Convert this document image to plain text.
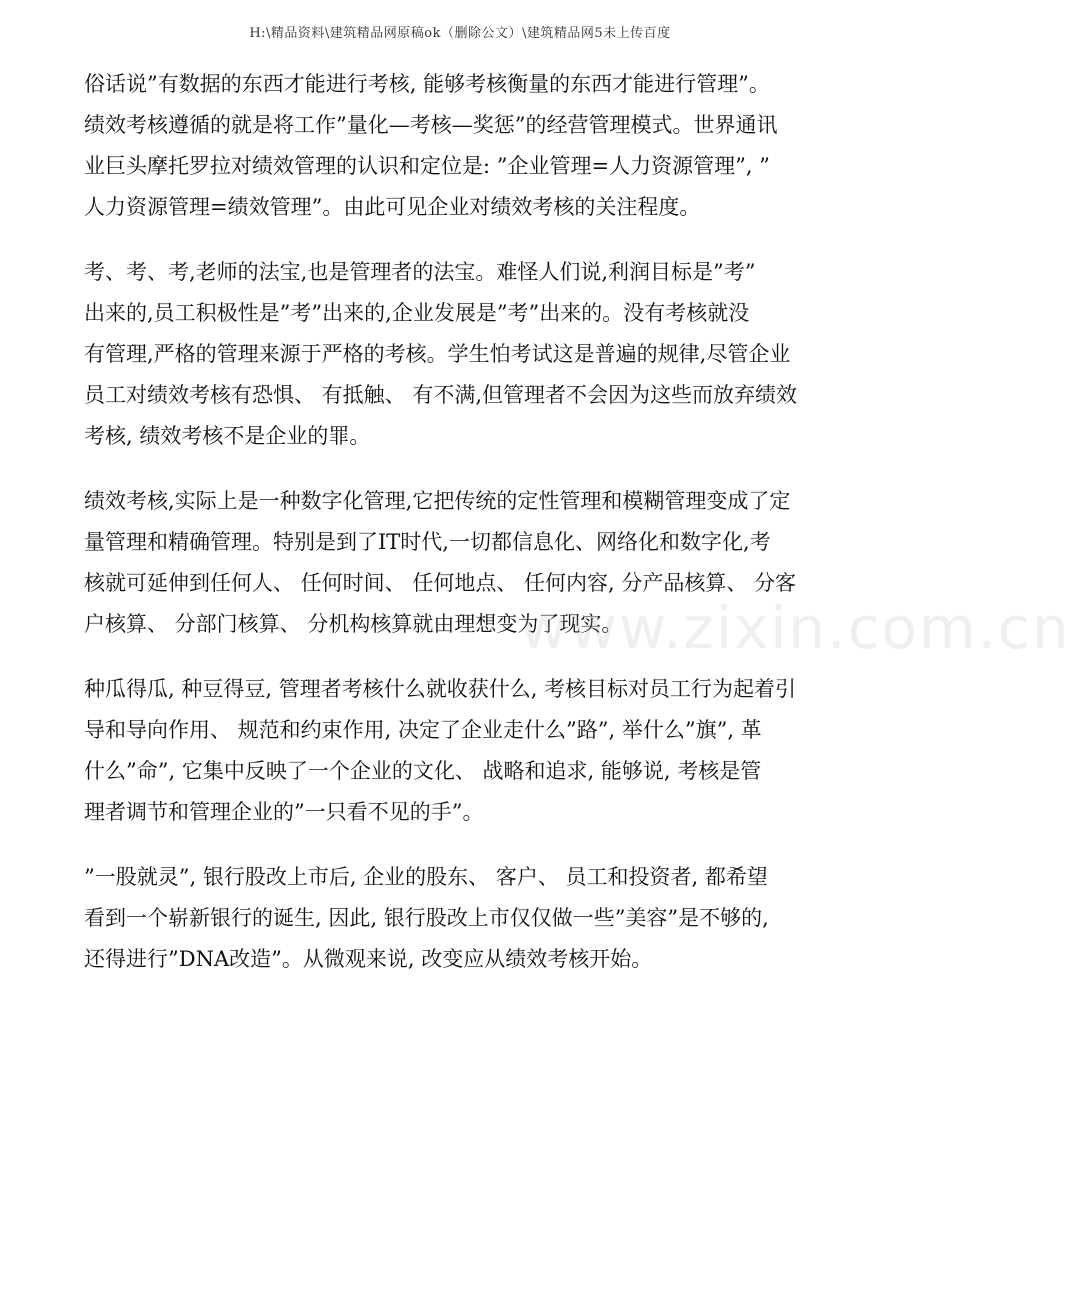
H:\精品资料\建筑精品网原稿ok（删除公文）\建筑精品网5未上传百度

俗话说”有数据的东西才能进行考核, 能够考核衡量的东西才能进行管理”。

绩效考核遵循的就是将工作”量化—考核—奖惩”的经营管理模式。世界通讯

业巨头摩托罗拉对绩效管理的认识和定位是: ”企业管理=人力资源管理”, ”

人力资源管理=绩效管理”。由此可见企业对绩效考核的关注程度。

考、考、考,老师的法宝,也是管理者的法宝。难怪人们说,利润目标是”考”

出来的,员工积极性是”考”出来的,企业发展是”考”出来的。没有考核就没

有管理,严格的管理来源于严格的考核。学生怕考试这是普遍的规律,尽管企业

员工对绩效考核有恐惧、 有抵触、 有不满,但管理者不会因为这些而放弃绩效

考核, 绩效考核不是企业的罪。

绩效考核,实际上是一种数字化管理,它把传统的定性管理和模糊管理变成了定

量管理和精确管理。特别是到了IT时代,一切都信息化、网络化和数字化,考

核就可延伸到任何人、 任何时间、 任何地点、 任何内容, 分产品核算、 分客

户核算、 分部门核算、 分机构核算就由理想变为了现实。

种瓜得瓜, 种豆得豆, 管理者考核什么就收获什么, 考核目标对员工行为起着引

导和导向作用、 规范和约束作用, 决定了企业走什么”路”, 举什么”旗”, 革

什么”命”, 它集中反映了一个企业的文化、 战略和追求, 能够说, 考核是管

理者调节和管理企业的”一只看不见的手”。

”一股就灵”, 银行股改上市后, 企业的股东、 客户、 员工和投资者, 都希望

看到一个崭新银行的诞生, 因此, 银行股改上市仅仅做一些”美容”是不够的,

还得进行”DNA改造”。从微观来说, 改变应从绩效考核开始。

www.zixin.com.cn
